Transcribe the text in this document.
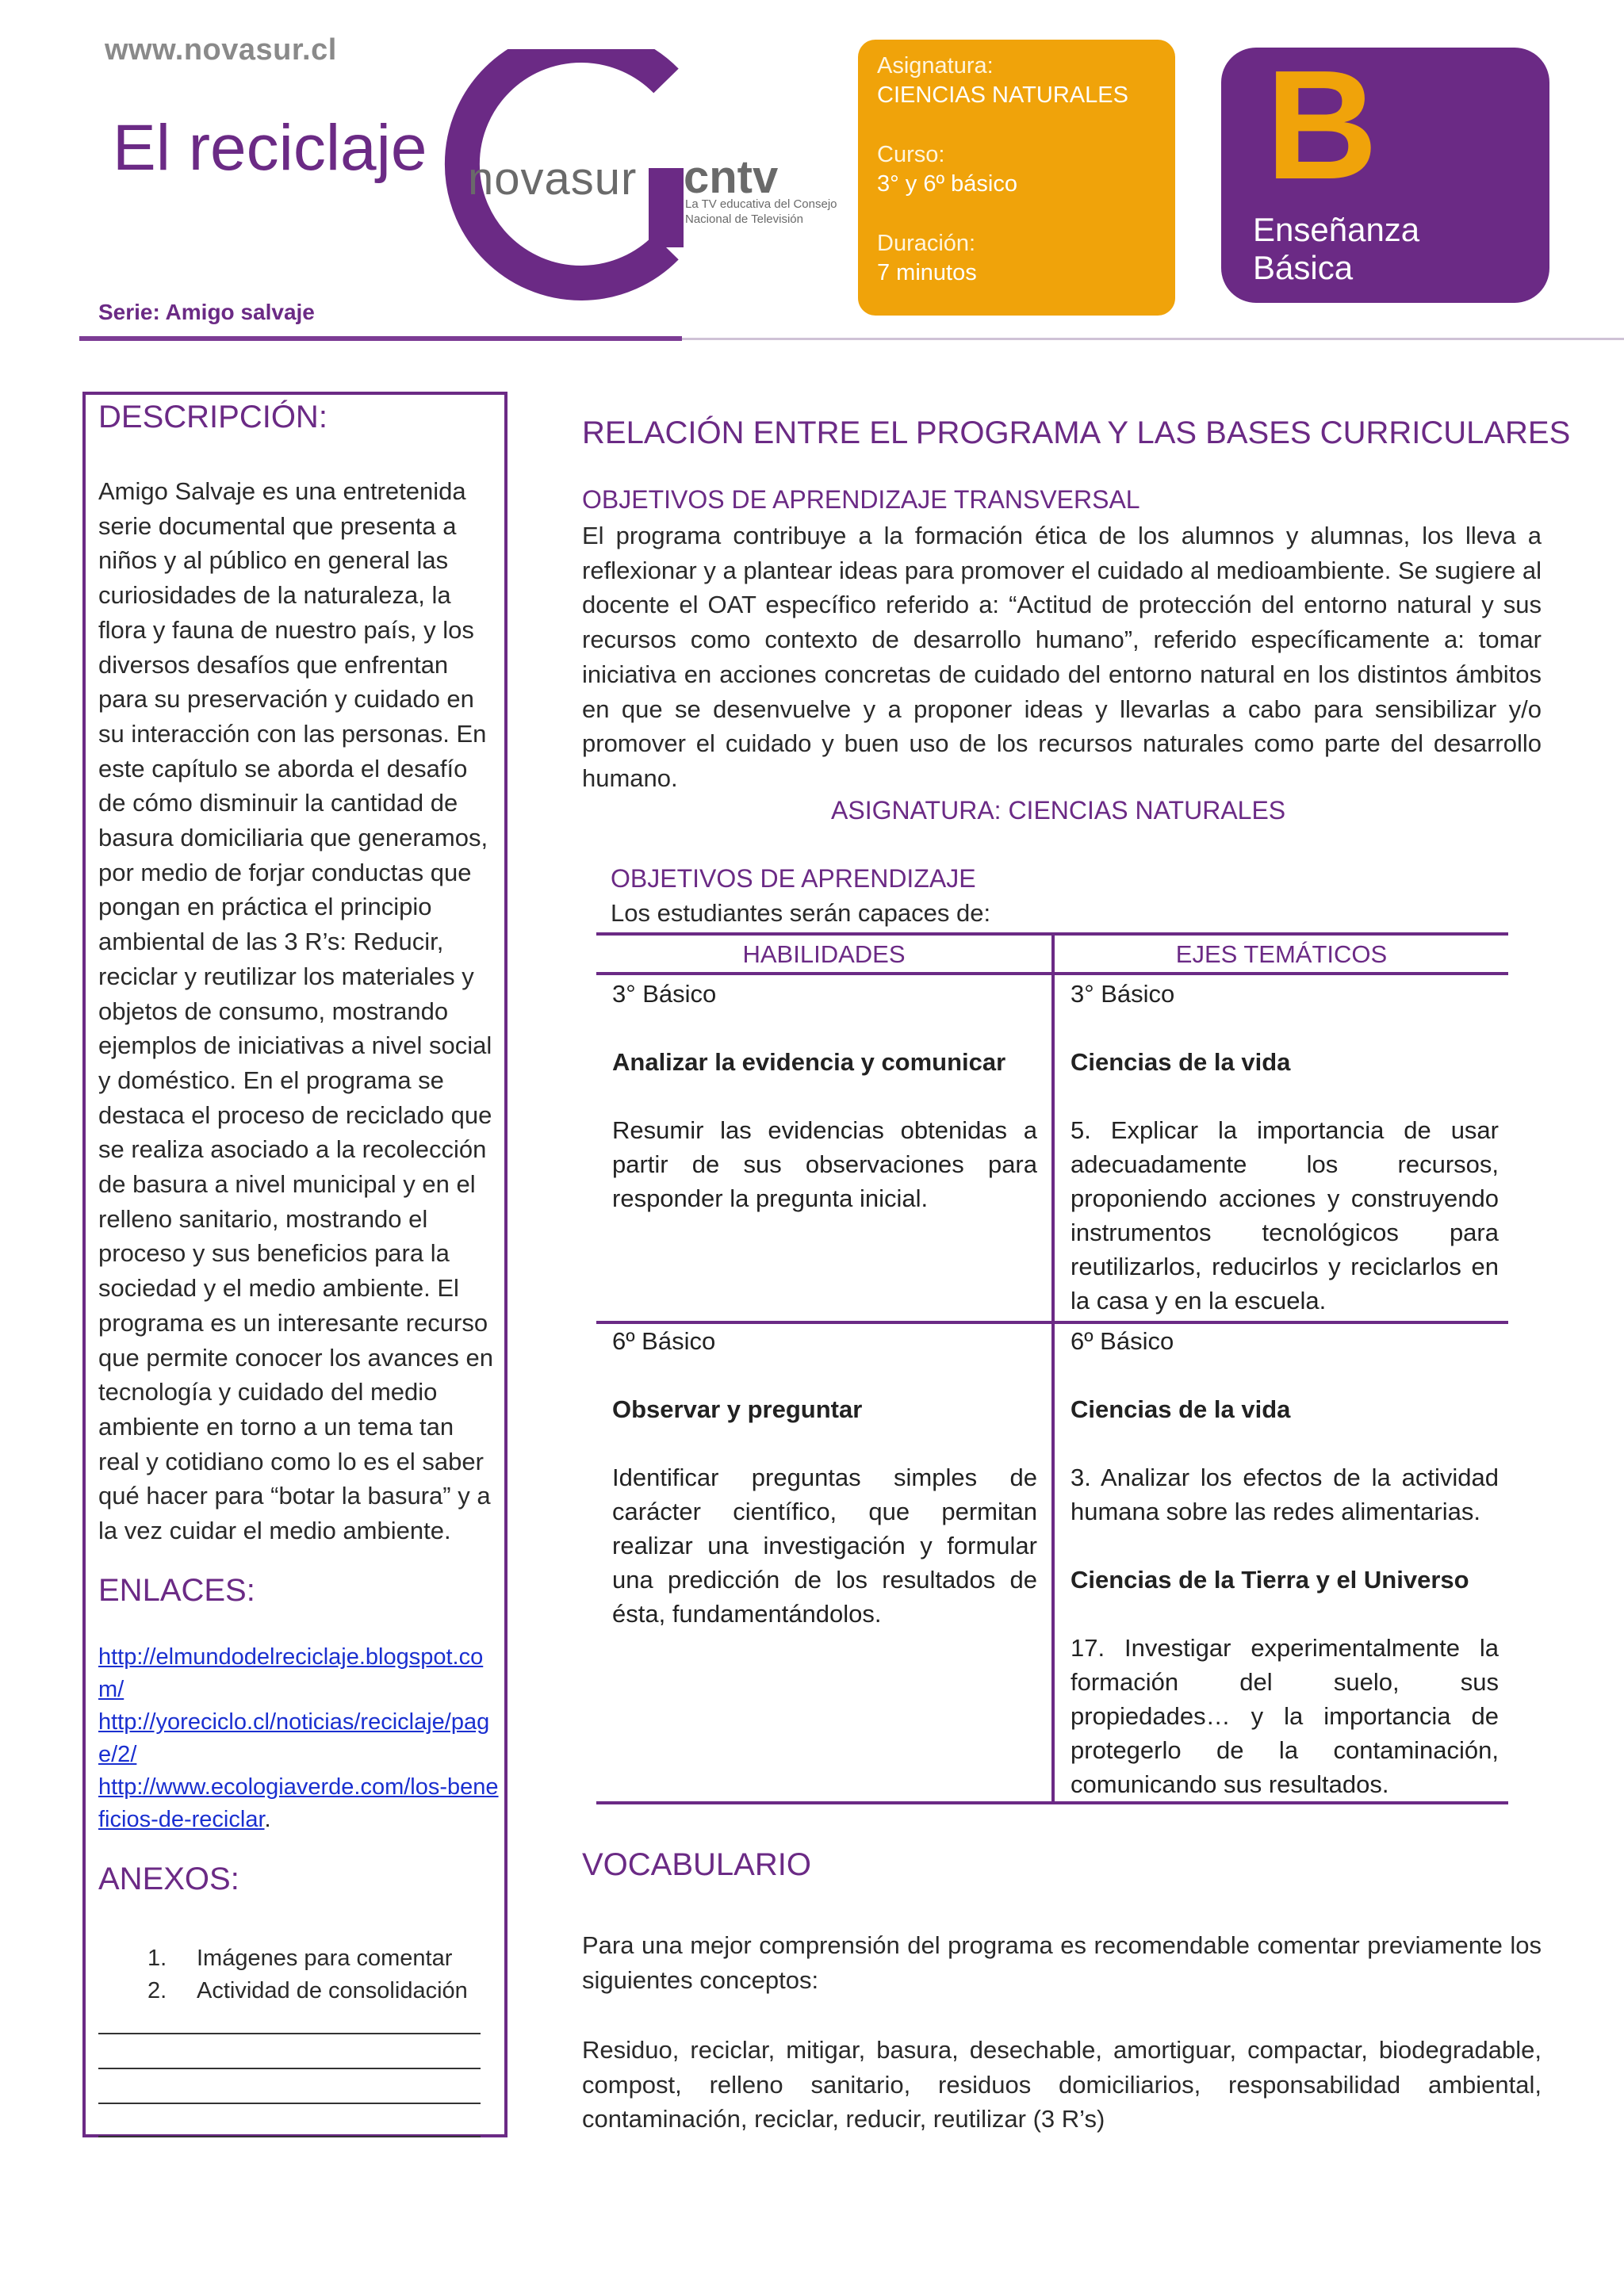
www.novasur.cl
El reciclaje
Serie: Amigo salvaje
novasur cntv
La TV educativa del Consejo Nacional de Televisión
Asignatura:
CIENCIAS NATURALES
Curso:
3° y 6º básico
Duración:
7 minutos
B
Enseñanza
Básica
DESCRIPCIÓN:
Amigo Salvaje es una entretenida serie documental que presenta a niños y al público en general las curiosidades de la naturaleza, la flora y fauna de nuestro país, y los diversos desafíos que enfrentan para su preservación y cuidado en su interacción con las personas. En este capítulo se aborda el desafío de cómo disminuir la cantidad de basura domiciliaria que generamos, por medio de forjar conductas que pongan en práctica el principio ambiental de las 3 R’s: Reducir, reciclar y reutilizar los materiales y objetos de consumo, mostrando ejemplos de iniciativas a nivel social y doméstico. En el programa se destaca el proceso de reciclado que se realiza asociado a la recolección de basura a nivel municipal y en el relleno sanitario, mostrando el proceso y sus beneficios para la sociedad y el medio ambiente. El programa es un interesante recurso que permite conocer los avances en tecnología y cuidado del medio ambiente en torno a un tema tan real y cotidiano como lo es el saber qué hacer para “botar la basura” y a la vez cuidar el medio ambiente.
ENLACES:
http://elmundodelreciclaje.blogspot.com/
http://yoreciclo.cl/noticias/reciclaje/page/2/
http://www.ecologiaverde.com/los-beneficios-de-reciclar.
ANEXOS:
1. Imágenes para comentar
2. Actividad de consolidación
RELACIÓN ENTRE EL PROGRAMA Y LAS BASES CURRICULARES
OBJETIVOS DE APRENDIZAJE TRANSVERSAL
El programa contribuye a la formación ética de los alumnos y alumnas, los lleva a reflexionar y a plantear ideas para promover el cuidado al medioambiente. Se sugiere al docente el OAT específico referido a: “Actitud de protección del entorno natural y sus recursos como contexto de desarrollo humano”, referido específicamente a: tomar iniciativa en acciones concretas de cuidado del entorno natural en los distintos ámbitos en que se desenvuelve y a proponer ideas y llevarlas a cabo para sensibilizar y/o promover el cuidado y buen uso de los recursos naturales como parte del desarrollo humano.
ASIGNATURA: CIENCIAS NATURALES
OBJETIVOS DE APRENDIZAJE
Los estudiantes serán capaces de:
HABILIDADES	EJES TEMÁTICOS
3° Básico
Analizar la evidencia y comunicar
Resumir las evidencias obtenidas a partir de sus observaciones para responder la pregunta inicial.
3° Básico
Ciencias de la vida
5. Explicar la importancia de usar adecuadamente los recursos, proponiendo acciones y construyendo instrumentos tecnológicos para reutilizarlos, reducirlos y reciclarlos en la casa y en la escuela.
6º Básico
Observar y preguntar
Identificar preguntas simples de carácter científico, que permitan realizar una investigación y formular una predicción de los resultados de ésta, fundamentándolos.
6º Básico
Ciencias de la vida
3. Analizar los efectos de la actividad humana sobre las redes alimentarias.
Ciencias de la Tierra y el Universo
17. Investigar experimentalmente la formación del suelo, sus propiedades… y la importancia de protegerlo de la contaminación, comunicando sus resultados.
VOCABULARIO
Para una mejor comprensión del programa es recomendable comentar previamente los siguientes conceptos:
Residuo, reciclar, mitigar, basura, desechable, amortiguar, compactar, biodegradable, compost, relleno sanitario, residuos domiciliarios, responsabilidad ambiental, contaminación, reciclar, reducir, reutilizar (3 R’s)
